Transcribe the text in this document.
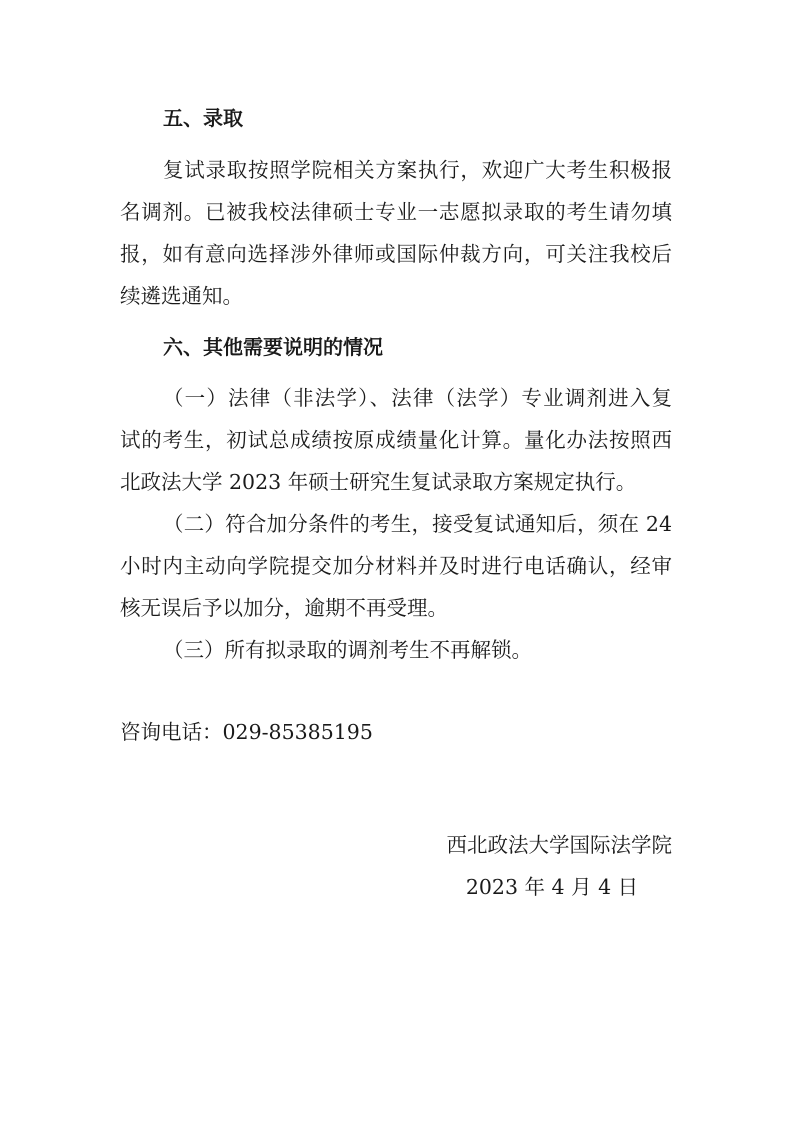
五、录取
复试录取按照学院相关方案执行，欢迎广大考生积极报
名调剂。已被我校法律硕士专业一志愿拟录取的考生请勿填
报，如有意向选择涉外律师或国际仲裁方向，可关注我校后
续遴选通知。
六、其他需要说明的情况
（一）法律（非法学）、法律（法学）专业调剂进入复
试的考生，初试总成绩按原成绩量化计算。量化办法按照西
北政法大学 2023 年硕士研究生复试录取方案规定执行。
（二）符合加分条件的考生，接受复试通知后，须在 24
小时内主动向学院提交加分材料并及时进行电话确认，经审
核无误后予以加分，逾期不再受理。
（三）所有拟录取的调剂考生不再解锁。
咨询电话：029-85385195
西北政法大学国际法学院
2023 年 4 月 4 日
